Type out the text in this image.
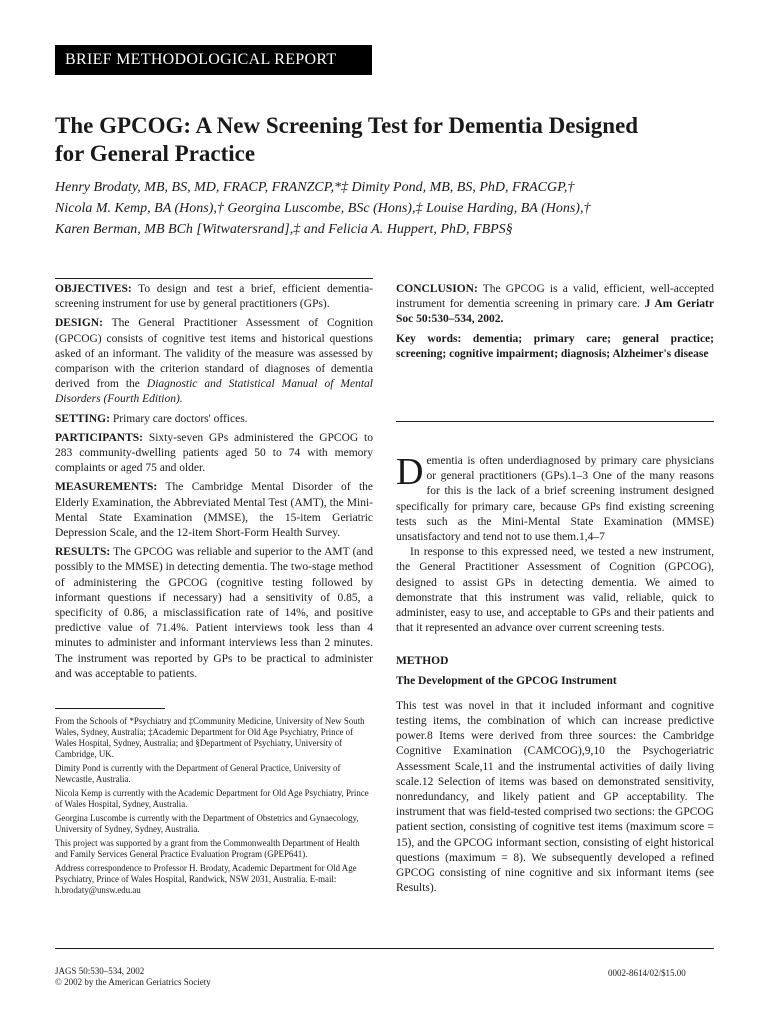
BRIEF METHODOLOGICAL REPORT
The GPCOG: A New Screening Test for Dementia Designed
for General Practice
Henry Brodaty, MB, BS, MD, FRACP, FRANZCP,*‡ Dimity Pond, MB, BS, PhD, FRACGP,†
Nicola M. Kemp, BA (Hons),† Georgina Luscombe, BSc (Hons),‡ Louise Harding, BA (Hons),†
Karen Berman, MB BCh [Witwatersrand],‡ and Felicia A. Huppert, PhD, FBPS§

OBJECTIVES: To design and test a brief, efficient dementia-screening instrument for use by general practitioners (GPs).

DESIGN: The General Practitioner Assessment of Cognition (GPCOG) consists of cognitive test items and historical questions asked of an informant. The validity of the measure was assessed by comparison with the criterion standard of diagnoses of dementia derived from the Diagnostic and Statistical Manual of Mental Disorders (Fourth Edition).

SETTING: Primary care doctors' offices.

PARTICIPANTS: Sixty-seven GPs administered the GPCOG to 283 community-dwelling patients aged 50 to 74 with memory complaints or aged 75 and older.

MEASUREMENTS: The Cambridge Mental Disorder of the Elderly Examination, the Abbreviated Mental Test (AMT), the Mini-Mental State Examination (MMSE), the 15-item Geriatric Depression Scale, and the 12-item Short-Form Health Survey.

RESULTS: The GPCOG was reliable and superior to the AMT (and possibly to the MMSE) in detecting dementia. The two-stage method of administering the GPCOG (cognitive testing followed by informant questions if necessary) had a sensitivity of 0.85, a specificity of 0.86, a misclassification rate of 14%, and positive predictive value of 71.4%. Patient interviews took less than 4 minutes to administer and informant interviews less than 2 minutes. The instrument was reported by GPs to be practical to administer and was acceptable to patients.

CONCLUSION: The GPCOG is a valid, efficient, well-accepted instrument for dementia screening in primary care. J Am Geriatr Soc 50:530–534, 2002.

Key words: dementia; primary care; general practice; screening; cognitive impairment; diagnosis; Alzheimer's disease

From the Schools of *Psychiatry and ‡Community Medicine, University of New South Wales, Sydney, Australia; ‡Academic Department for Old Age Psychiatry, Prince of Wales Hospital, Sydney, Australia; and §Department of Psychiatry, University of Cambridge, UK.

Dimity Pond is currently with the Department of General Practice, University of Newcastle, Australia.

Nicola Kemp is currently with the Academic Department for Old Age Psychiatry, Prince of Wales Hospital, Sydney, Australia.

Georgina Luscombe is currently with the Department of Obstetrics and Gynaecology, University of Sydney, Sydney, Australia.

This project was supported by a grant from the Commonwealth Department of Health and Family Services General Practice Evaluation Program (GPEP641).

Address correspondence to Professor H. Brodaty, Academic Department for Old Age Psychiatry, Prince of Wales Hospital, Randwick, NSW 2031, Australia. E-mail: h.brodaty@unsw.edu.au

Dementia is often underdiagnosed by primary care physicians or general practitioners (GPs).1–3 One of the many reasons for this is the lack of a brief screening instrument designed specifically for primary care, because GPs find existing screening tests such as the Mini-Mental State Examination (MMSE) unsatisfactory and tend not to use them.1,4–7

In response to this expressed need, we tested a new instrument, the General Practitioner Assessment of Cognition (GPCOG), designed to assist GPs in detecting dementia. We aimed to demonstrate that this instrument was valid, reliable, quick to administer, easy to use, and acceptable to GPs and their patients and that it represented an advance over current screening tests.

METHOD

The Development of the GPCOG Instrument

This test was novel in that it included informant and cognitive testing items, the combination of which can increase predictive power.8 Items were derived from three sources: the Cambridge Cognitive Examination (CAMCOG),9,10 the Psychogeriatric Assessment Scale,11 and the instrumental activities of daily living scale.12 Selection of items was based on demonstrated sensitivity, nonredundancy, and likely patient and GP acceptability. The instrument that was field-tested comprised two sections: the GPCOG patient section, consisting of cognitive test items (maximum score = 15), and the GPCOG informant section, consisting of eight historical questions (maximum = 8). We subsequently developed a refined GPCOG consisting of nine cognitive and six informant items (see Results).

JAGS 50:530–534, 2002
© 2002 by the American Geriatrics Society
0002-8614/02/$15.00
